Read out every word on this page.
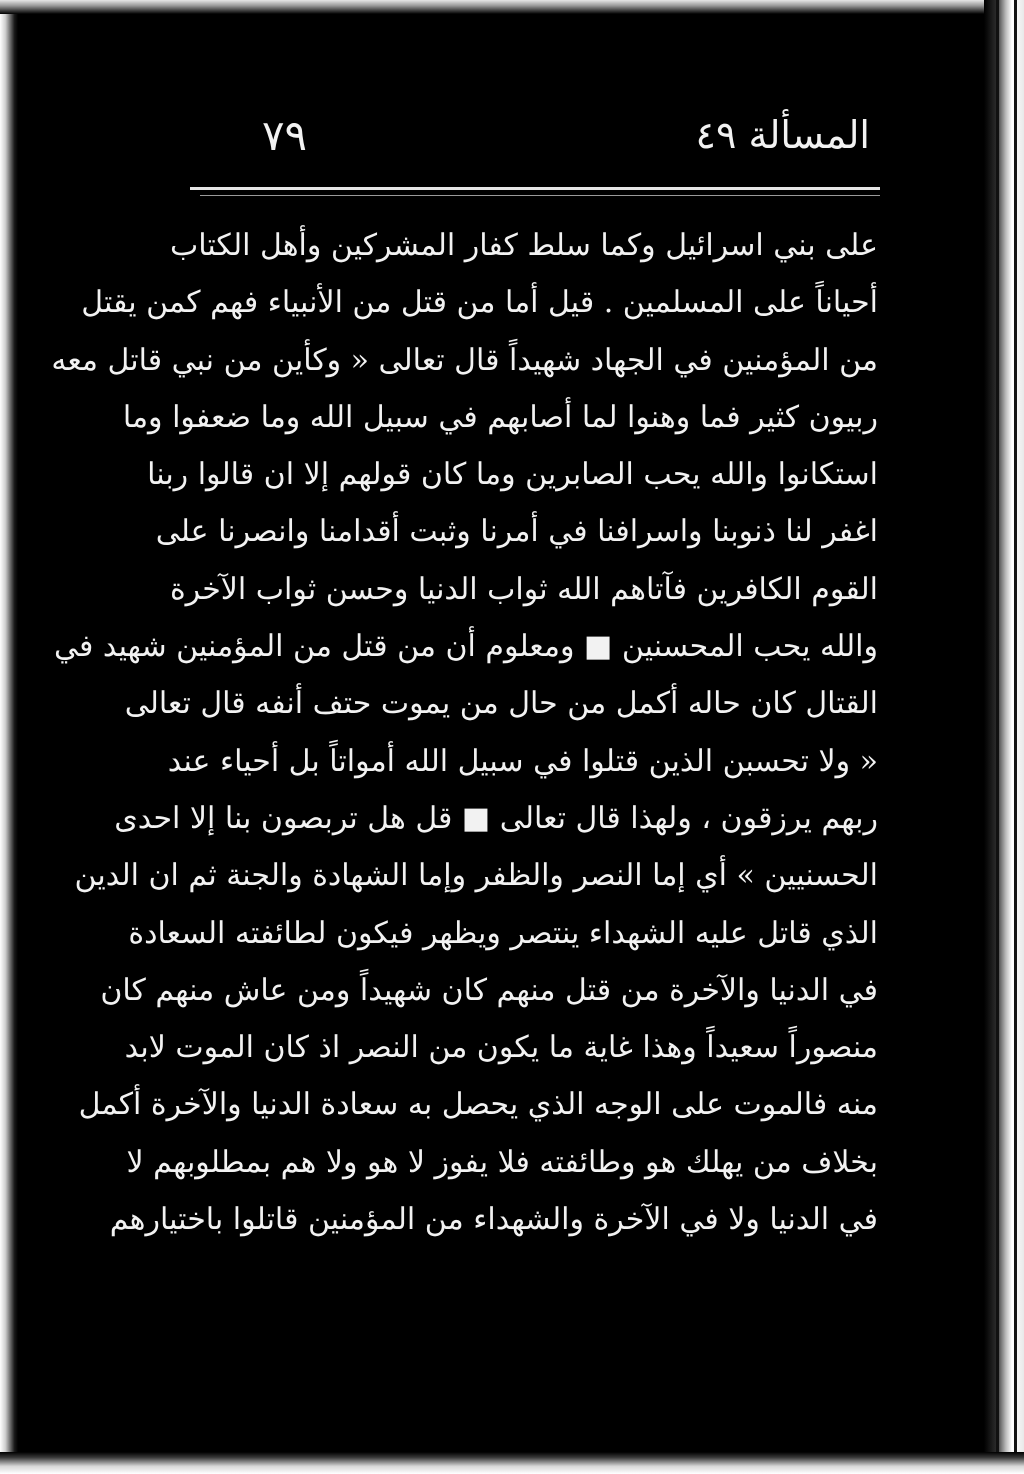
المسألة ٤٩
٧٩
على بني اسرائيل وكما سلط كفار المشركين وأهل الكتاب
أحياناً على المسلمين . قيل أما من قتل من الأنبياء فهم كمن يقتل
من المؤمنين في الجهاد شهيداً قال تعالى « وكأين من نبي قاتل معه
ربيون كثير فما وهنوا لما أصابهم في سبيل الله وما ضعفوا وما
استكانوا والله يحب الصابرين وما كان قولهم إلا ان قالوا ربنا
اغفر لنا ذنوبنا واسرافنا في أمرنا وثبت أقدامنا وانصرنا على
القوم الكافرين فآتاهم الله ثواب الدنيا وحسن ثواب الآخرة
والله يحب المحسنين ■ ومعلوم أن من قتل من المؤمنين شهيد في
القتال كان حاله أكمل من حال من يموت حتف أنفه قال تعالى
« ولا تحسبن الذين قتلوا في سبيل الله أمواتاً بل أحياء عند
ربهم يرزقون ، ولهذا قال تعالى ■ قل هل تربصون بنا إلا احدى
الحسنيين » أي إما النصر والظفر وإما الشهادة والجنة ثم ان الدين
الذي قاتل عليه الشهداء ينتصر ويظهر فيكون لطائفته السعادة
في الدنيا والآخرة من قتل منهم كان شهيداً ومن عاش منهم كان
منصوراً سعيداً وهذا غاية ما يكون من النصر اذ كان الموت لابد
منه فالموت على الوجه الذي يحصل به سعادة الدنيا والآخرة أكمل
بخلاف من يهلك هو وطائفته فلا يفوز لا هو ولا هم بمطلوبهم لا
في الدنيا ولا في الآخرة والشهداء من المؤمنين قاتلوا باختيارهم
